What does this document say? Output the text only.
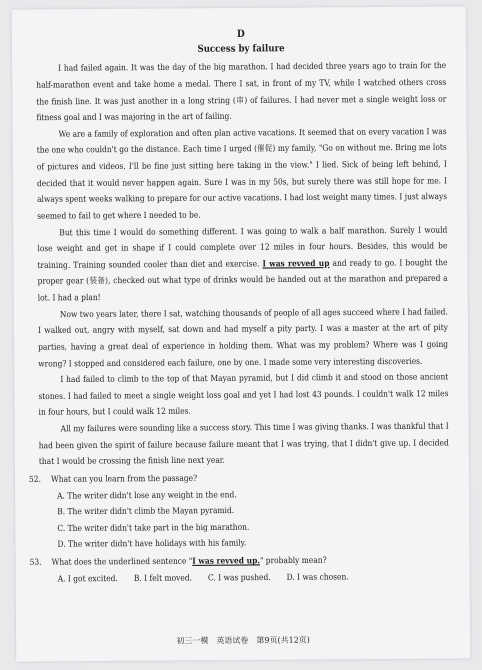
D
Success by failure

I had failed again. It was the day of the big marathon. I had decided three years ago to train for the half-marathon event and take home a medal. There I sat, in front of my TV, while I watched others cross the finish line. It was just another in a long string (串) of failures. I had never met a single weight loss or fitness goal and I was majoring in the art of failing.

We are a family of exploration and often plan active vacations. It seemed that on every vacation I was the one who couldn't go the distance. Each time I urged (催促) my family, "Go on without me. Bring me lots of pictures and videos. I'll be fine just sitting here taking in the view." I lied. Sick of being left behind, I decided that it would never happen again. Sure I was in my 50s, but surely there was still hope for me. I always spent weeks walking to prepare for our active vacations. I had lost weight many times. I just always seemed to fail to get where I needed to be.

But this time I would do something different. I was going to walk a half marathon. Surely I would lose weight and get in shape if I could complete over 12 miles in four hours. Besides, this would be training. Training sounded cooler than diet and exercise. I was revved up and ready to go. I bought the proper gear (装备), checked out what type of drinks would be handed out at the marathon and prepared a lot. I had a plan!

Now two years later, there I sat, watching thousands of people of all ages succeed where I had failed. I walked out, angry with myself, sat down and had myself a pity party. I was a master at the art of pity parties, having a great deal of experience in holding them. What was my problem? Where was I going wrong? I stopped and considered each failure, one by one. I made some very interesting discoveries.

I had failed to climb to the top of that Mayan pyramid, but I did climb it and stood on those ancient stones. I had failed to meet a single weight loss goal and yet I had lost 43 pounds. I couldn't walk 12 miles in four hours, but I could walk 12 miles.

All my failures were sounding like a success story. This time I was giving thanks. I was thankful that I had been given the spirit of failure because failure meant that I was trying, that I didn't give up. I decided that I would be crossing the finish line next year.

52.	What can you learn from the passage?
A. The writer didn't lose any weight in the end.
B. The writer didn't climb the Mayan pyramid.
C. The writer didn't take part in the big marathon.
D. The writer didn't have holidays with his family.
53.	What does the underlined sentence "I was revved up." probably mean?
A. I got excited. B. I felt moved. C. I was pushed. D. I was chosen.
初三一模　英语试卷　第9页(共12页)
